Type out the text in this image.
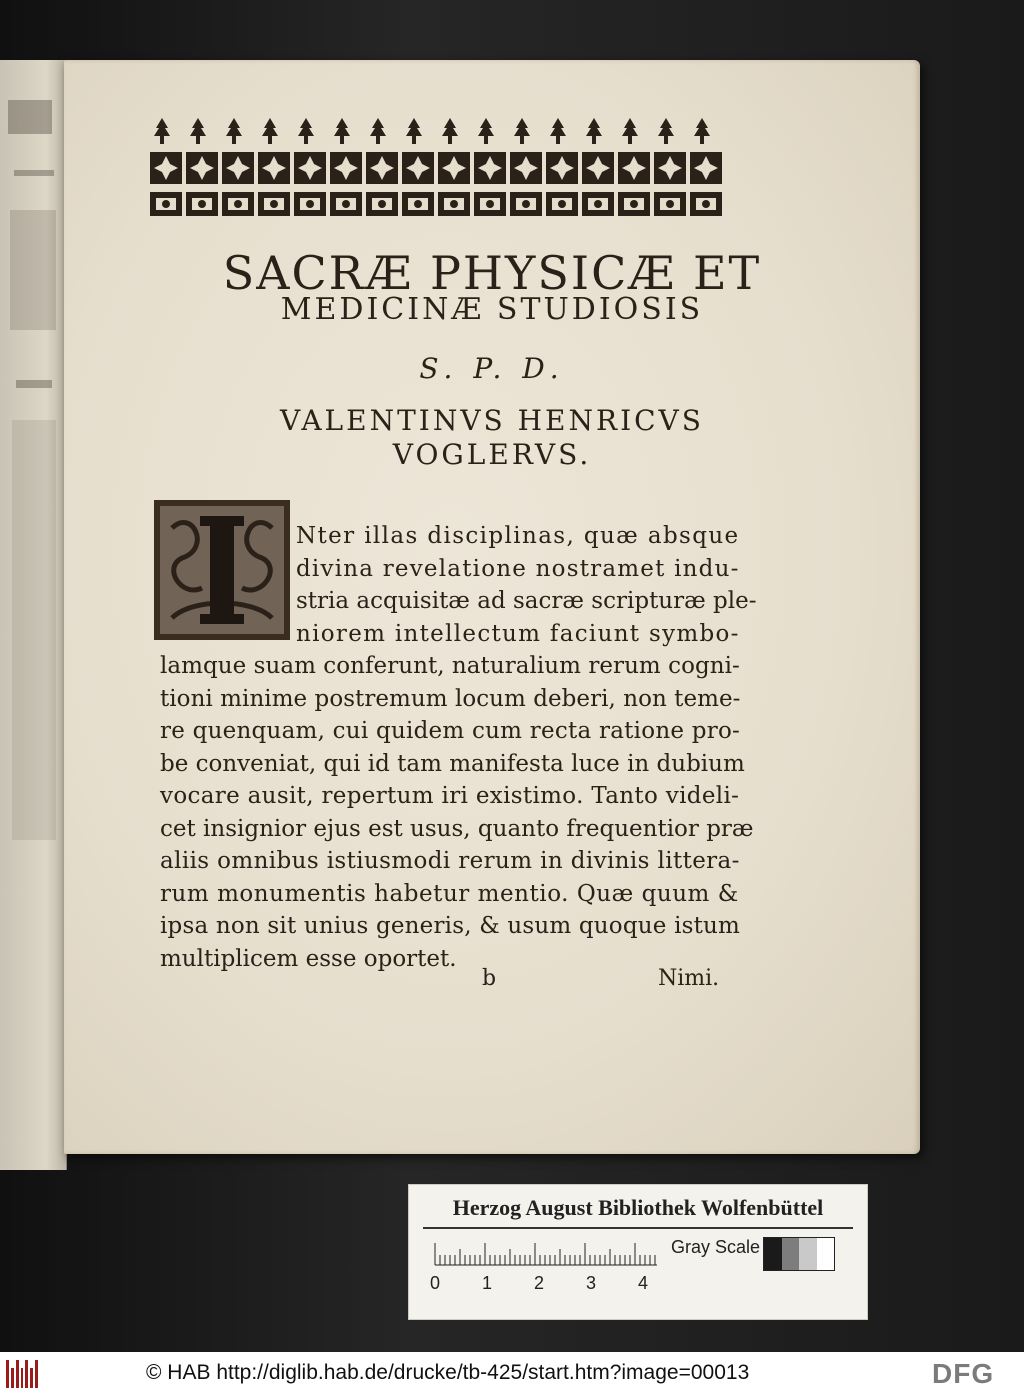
SACRÆ PHYSICÆ ET
MEDICINÆ STUDIOSIS
S. P. D.
VALENTINVS HENRICVS
VOGLERVS.
Nter illas disciplinas, quæ absque
divina revelatione nostramet indu-
stria acquisitæ ad sacræ scripturæ ple-
niorem intellectum faciunt symbo-
lamque suam conferunt, naturalium rerum cogni-
tioni minime postremum locum deberi, non teme-
re quenquam, cui quidem cum recta ratione pro-
be conveniat, qui id tam manifesta luce in dubium
vocare ausit, repertum iri existimo. Tanto videli-
cet insignior ejus est usus, quanto frequentior præ
aliis omnibus istiusmodi rerum in divinis littera-
rum monumentis habetur mentio. Quæ quum &
ipsa non sit unius generis, & usum quoque istum
multiplicem esse oportet.
b	Nimi.
Herzog August Bibliothek Wolfenbüttel
0 1 2 3 4
Gray Scale
© HAB http://diglib.hab.de/drucke/tb-425/start.htm?image=00013	DFG
